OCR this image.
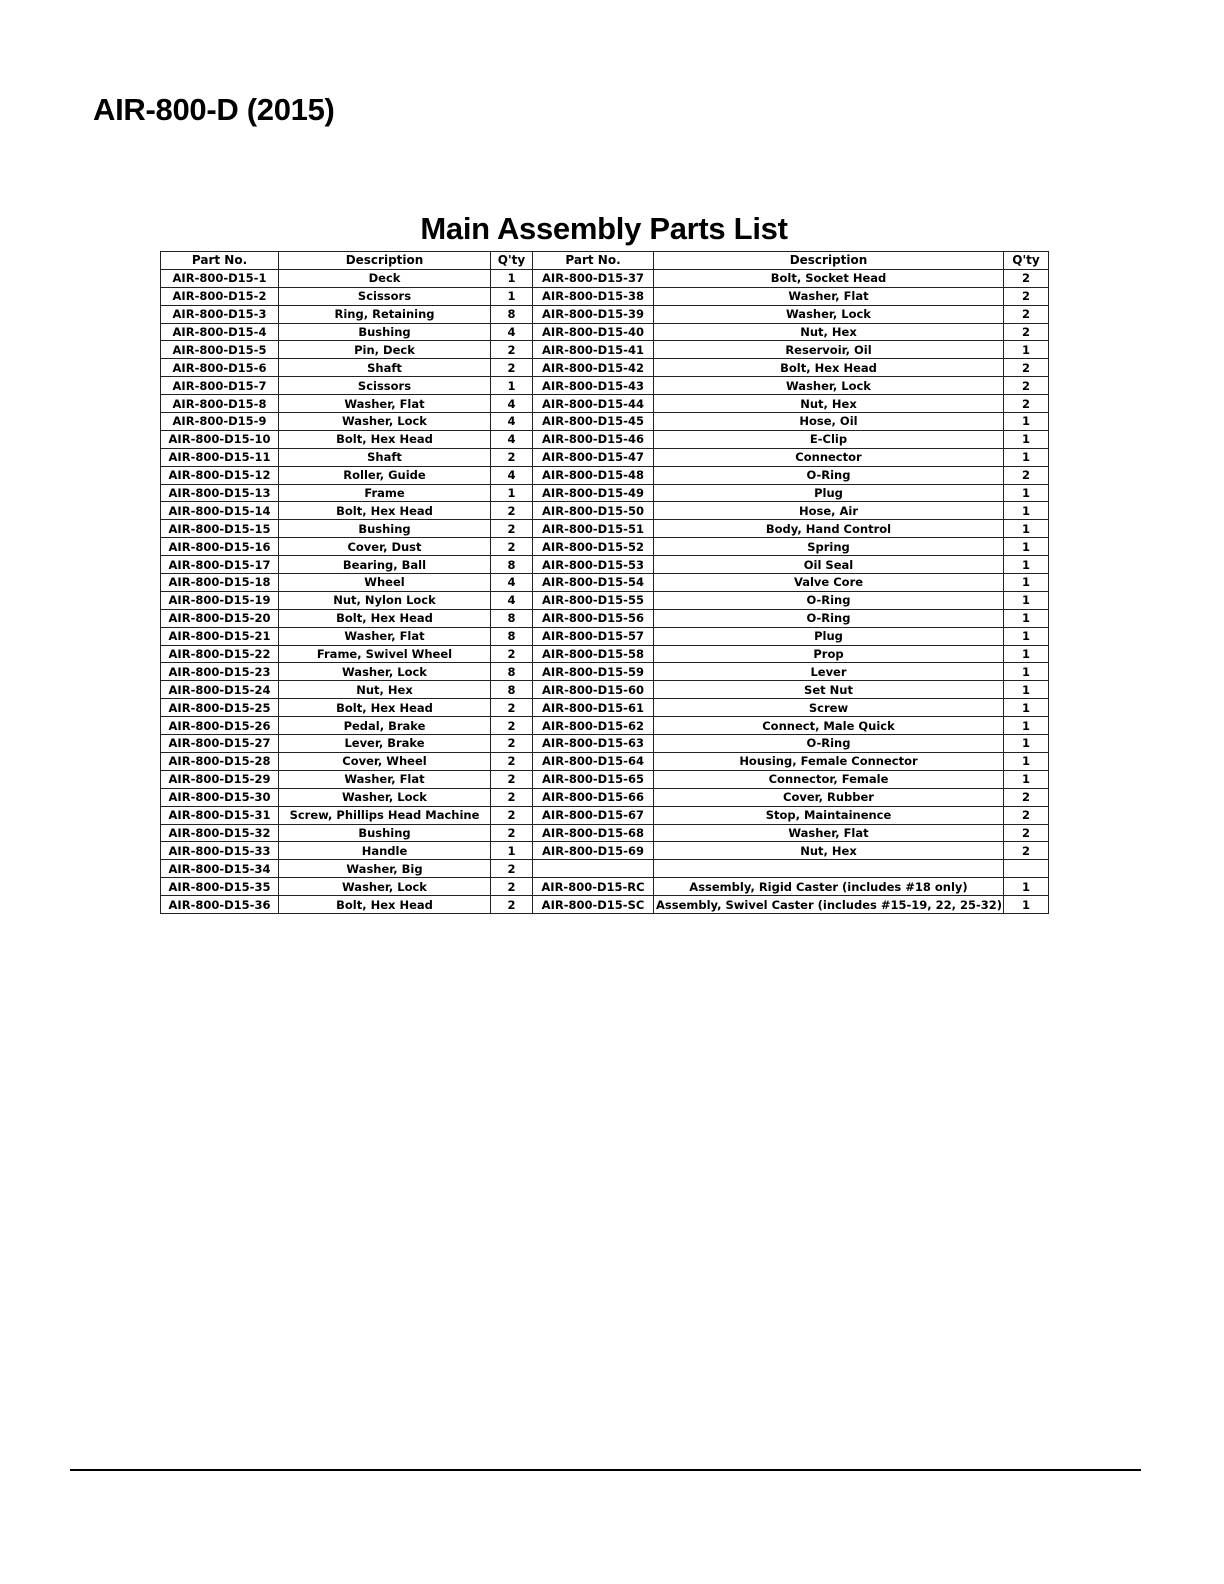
AIR-800-D (2015)
Main Assembly Parts List
Part No.	Description	Q'ty	Part No.	Description	Q'ty
AIR-800-D15-1	Deck	1	AIR-800-D15-37	Bolt, Socket Head	2
AIR-800-D15-2	Scissors	1	AIR-800-D15-38	Washer, Flat	2
AIR-800-D15-3	Ring, Retaining	8	AIR-800-D15-39	Washer, Lock	2
AIR-800-D15-4	Bushing	4	AIR-800-D15-40	Nut, Hex	2
AIR-800-D15-5	Pin, Deck	2	AIR-800-D15-41	Reservoir, Oil	1
AIR-800-D15-6	Shaft	2	AIR-800-D15-42	Bolt, Hex Head	2
AIR-800-D15-7	Scissors	1	AIR-800-D15-43	Washer, Lock	2
AIR-800-D15-8	Washer, Flat	4	AIR-800-D15-44	Nut, Hex	2
AIR-800-D15-9	Washer, Lock	4	AIR-800-D15-45	Hose, Oil	1
AIR-800-D15-10	Bolt, Hex Head	4	AIR-800-D15-46	E-Clip	1
AIR-800-D15-11	Shaft	2	AIR-800-D15-47	Connector	1
AIR-800-D15-12	Roller, Guide	4	AIR-800-D15-48	O-Ring	2
AIR-800-D15-13	Frame	1	AIR-800-D15-49	Plug	1
AIR-800-D15-14	Bolt, Hex Head	2	AIR-800-D15-50	Hose, Air	1
AIR-800-D15-15	Bushing	2	AIR-800-D15-51	Body, Hand Control	1
AIR-800-D15-16	Cover, Dust	2	AIR-800-D15-52	Spring	1
AIR-800-D15-17	Bearing, Ball	8	AIR-800-D15-53	Oil Seal	1
AIR-800-D15-18	Wheel	4	AIR-800-D15-54	Valve Core	1
AIR-800-D15-19	Nut, Nylon Lock	4	AIR-800-D15-55	O-Ring	1
AIR-800-D15-20	Bolt, Hex Head	8	AIR-800-D15-56	O-Ring	1
AIR-800-D15-21	Washer, Flat	8	AIR-800-D15-57	Plug	1
AIR-800-D15-22	Frame, Swivel Wheel	2	AIR-800-D15-58	Prop	1
AIR-800-D15-23	Washer, Lock	8	AIR-800-D15-59	Lever	1
AIR-800-D15-24	Nut, Hex	8	AIR-800-D15-60	Set Nut	1
AIR-800-D15-25	Bolt, Hex Head	2	AIR-800-D15-61	Screw	1
AIR-800-D15-26	Pedal, Brake	2	AIR-800-D15-62	Connect, Male Quick	1
AIR-800-D15-27	Lever, Brake	2	AIR-800-D15-63	O-Ring	1
AIR-800-D15-28	Cover, Wheel	2	AIR-800-D15-64	Housing, Female Connector	1
AIR-800-D15-29	Washer, Flat	2	AIR-800-D15-65	Connector, Female	1
AIR-800-D15-30	Washer, Lock	2	AIR-800-D15-66	Cover, Rubber	2
AIR-800-D15-31	Screw, Phillips Head Machine	2	AIR-800-D15-67	Stop, Maintainence	2
AIR-800-D15-32	Bushing	2	AIR-800-D15-68	Washer, Flat	2
AIR-800-D15-33	Handle	1	AIR-800-D15-69	Nut, Hex	2
AIR-800-D15-34	Washer, Big	2			
AIR-800-D15-35	Washer, Lock	2	AIR-800-D15-RC	Assembly, Rigid Caster (includes #18 only)	1
AIR-800-D15-36	Bolt, Hex Head	2	AIR-800-D15-SC	Assembly, Swivel Caster (includes #15-19, 22, 25-32)	1
